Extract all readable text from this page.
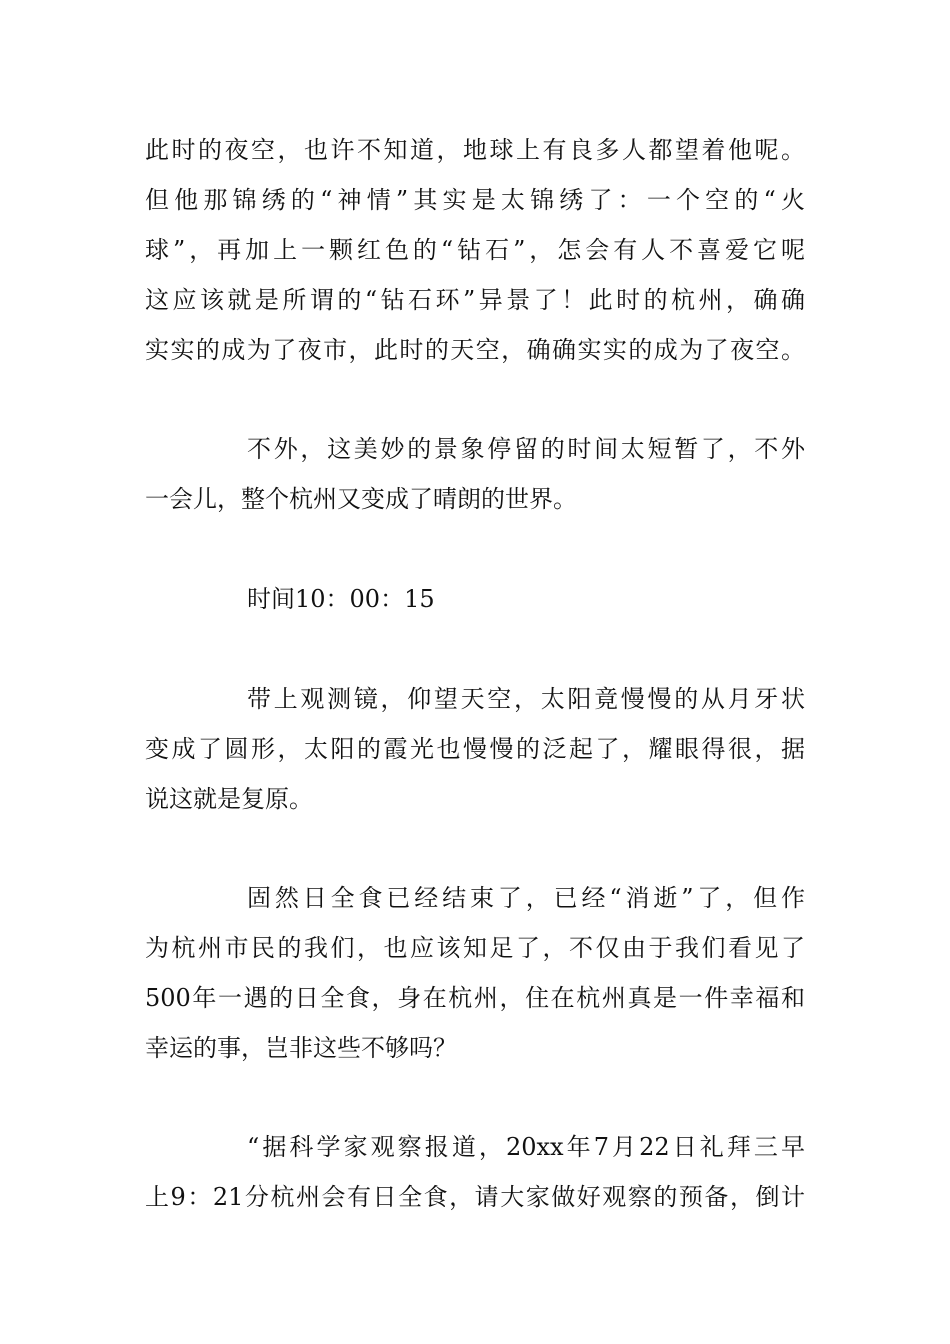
此时的夜空，也许不知道，地球上有良多人都望着他呢。
但他那锦绣的“神情”其实是太锦绣了：一个空的“火
球”，再加上一颗红色的“钻石”，怎会有人不喜爱它呢
这应该就是所谓的“钻石环”异景了！此时的杭州，确确
实实的成为了夜市，此时的天空，确确实实的成为了夜空。
不外，这美妙的景象停留的时间太短暂了，不外
一会儿，整个杭州又变成了晴朗的世界。
时间10：00：15
带上观测镜，仰望天空，太阳竟慢慢的从月牙状
变成了圆形，太阳的霞光也慢慢的泛起了，耀眼得很，据
说这就是复原。
固然日全食已经结束了，已经“消逝”了，但作
为杭州市民的我们，也应该知足了，不仅由于我们看见了
500年一遇的日全食，身在杭州，住在杭州真是一件幸福和
幸运的事，岂非这些不够吗？
“据科学家观察报道，20xx年7月22日礼拜三早
上9：21分杭州会有日全食，请大家做好观察的预备，倒计
